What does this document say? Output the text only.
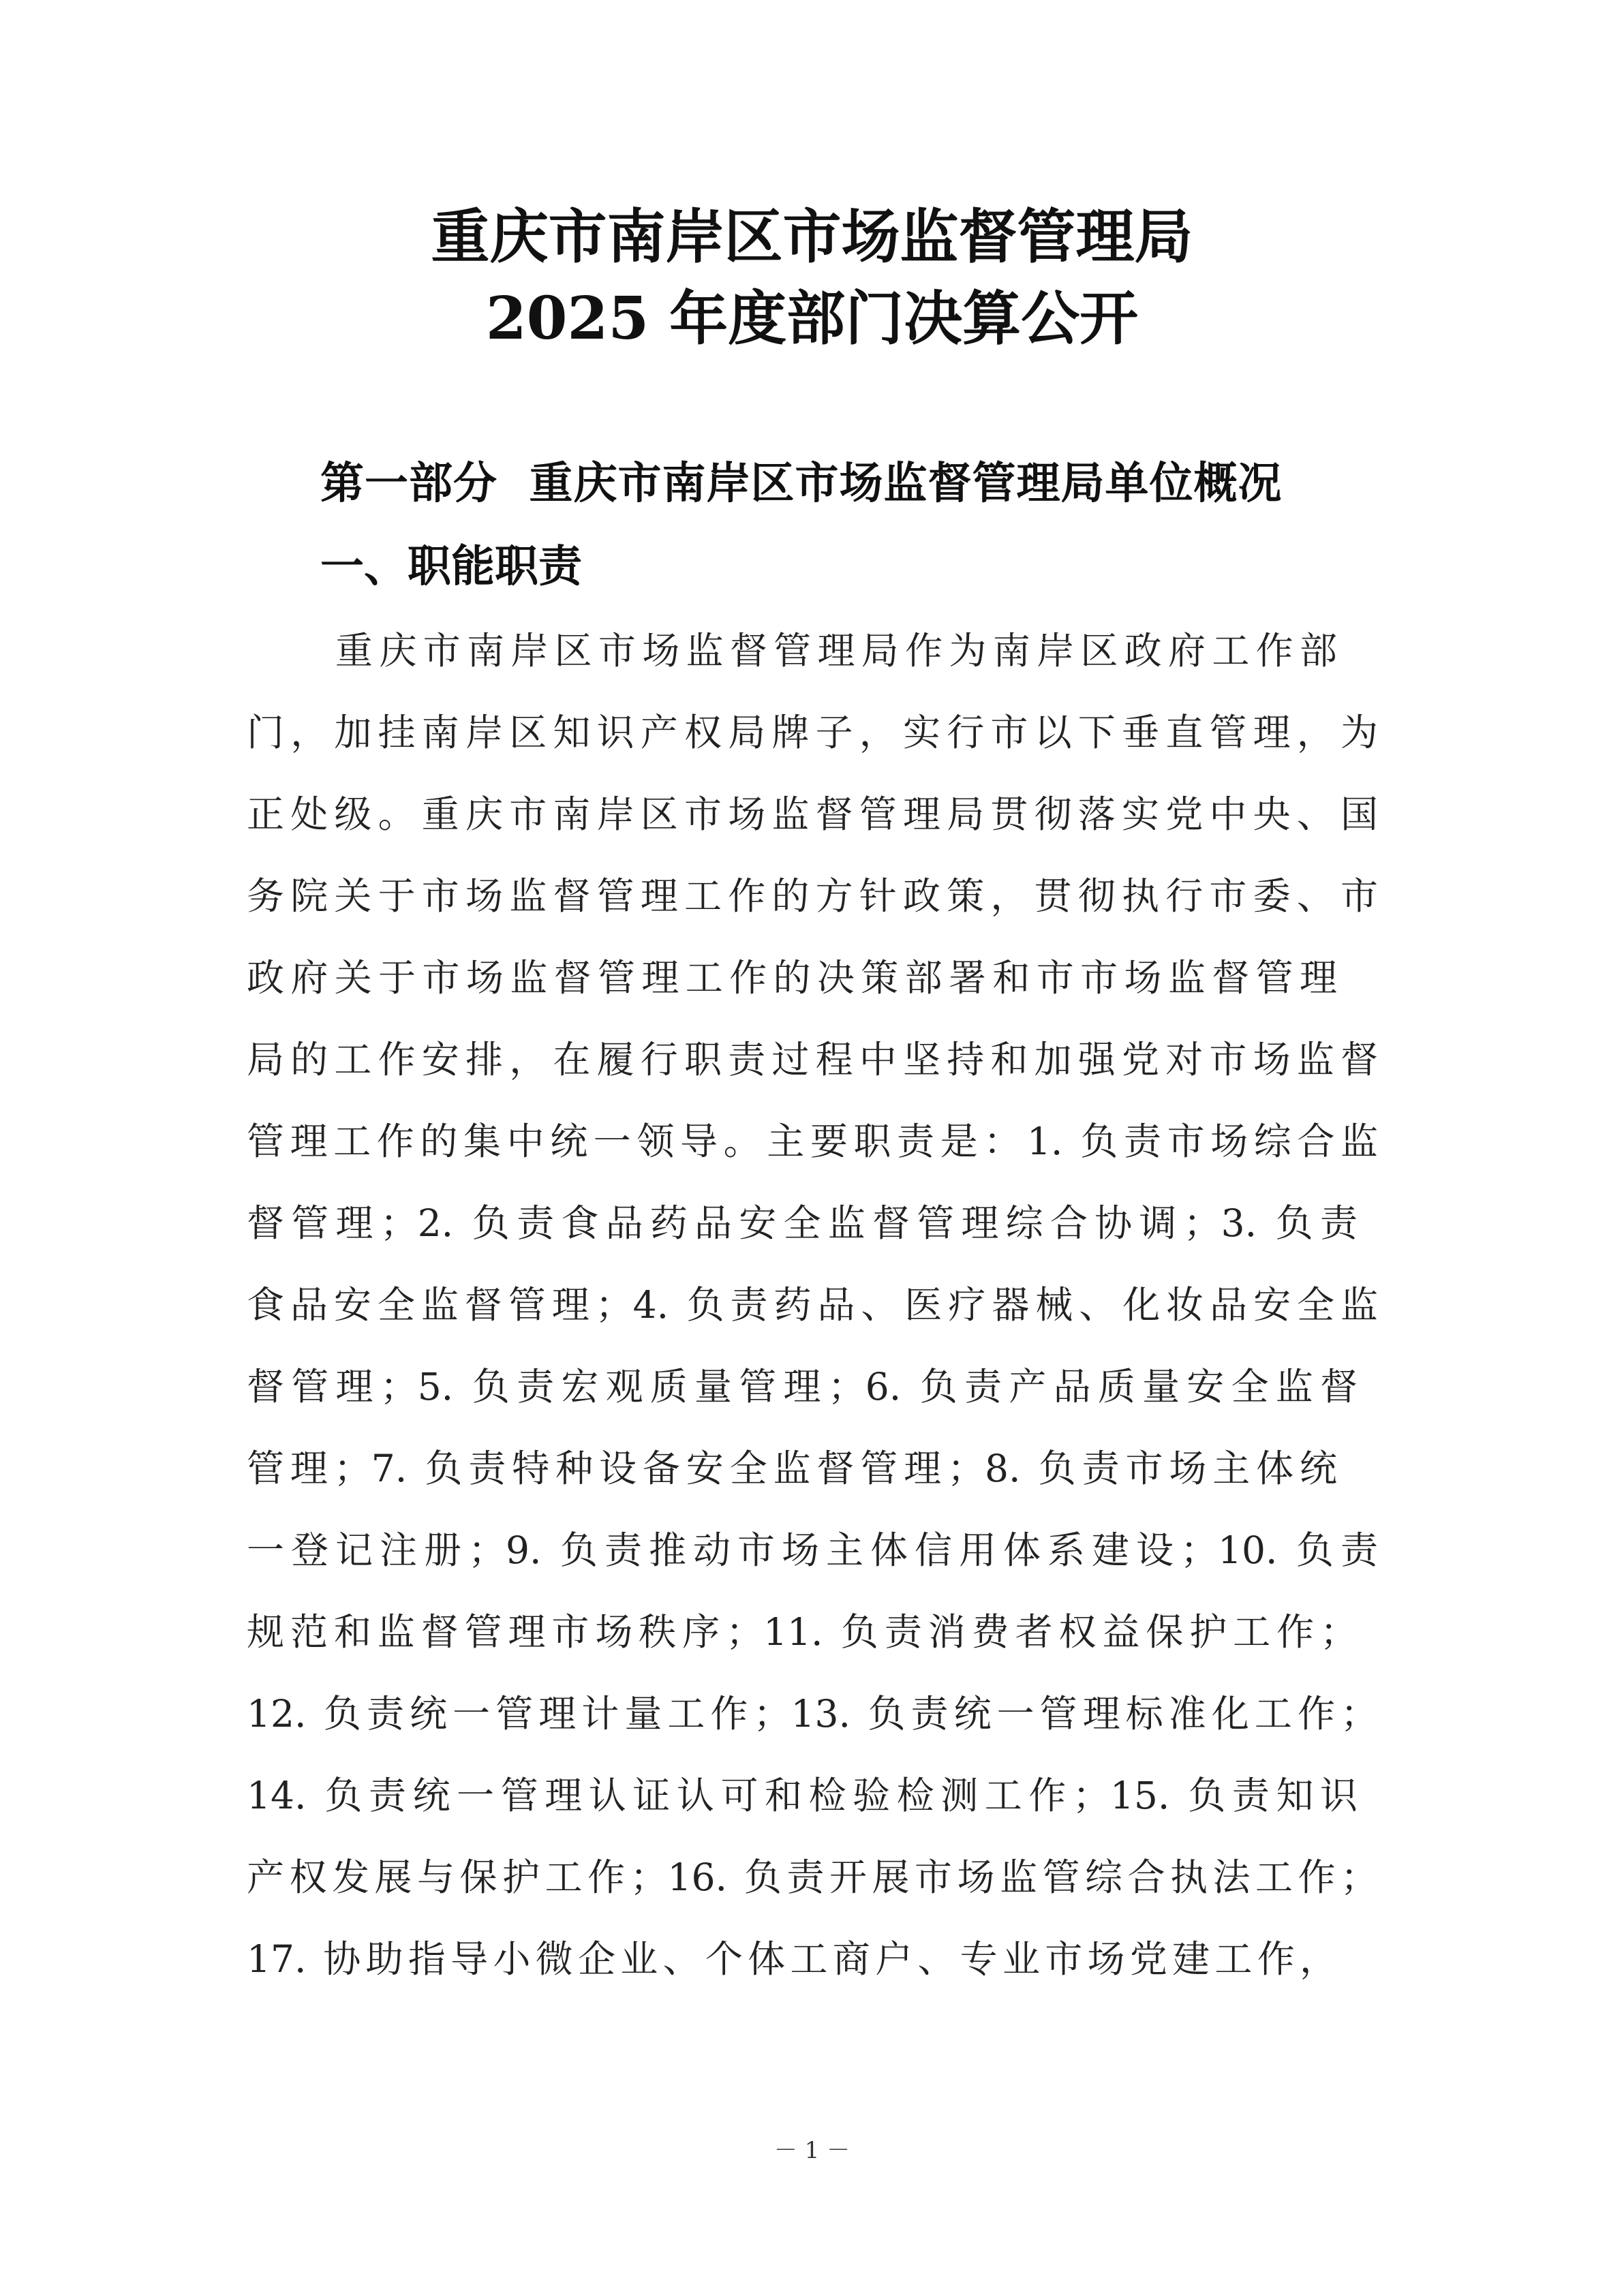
重庆市南岸区市场监督管理局
2025 年度部门决算公开
第一部分  重庆市南岸区市场监督管理局单位概况
一、职能职责
重庆市南岸区市场监督管理局作为南岸区政府工作部
门，加挂南岸区知识产权局牌子，实行市以下垂直管理，为
正处级。重庆市南岸区市场监督管理局贯彻落实党中央、国
务院关于市场监督管理工作的方针政策，贯彻执行市委、市
政府关于市场监督管理工作的决策部署和市市场监督管理
局的工作安排，在履行职责过程中坚持和加强党对市场监督
管理工作的集中统一领导。主要职责是：1. 负责市场综合监
督管理；2. 负责食品药品安全监督管理综合协调；3. 负责
食品安全监督管理；4. 负责药品、医疗器械、化妆品安全监
督管理；5. 负责宏观质量管理；6. 负责产品质量安全监督
管理；7. 负责特种设备安全监督管理；8. 负责市场主体统
一登记注册；9. 负责推动市场主体信用体系建设；10. 负责
规范和监督管理市场秩序；11. 负责消费者权益保护工作；
12. 负责统一管理计量工作；13. 负责统一管理标准化工作；
14. 负责统一管理认证认可和检验检测工作；15. 负责知识
产权发展与保护工作；16. 负责开展市场监管综合执法工作；
17. 协助指导小微企业、个体工商户、专业市场党建工作，
－ 1 －
